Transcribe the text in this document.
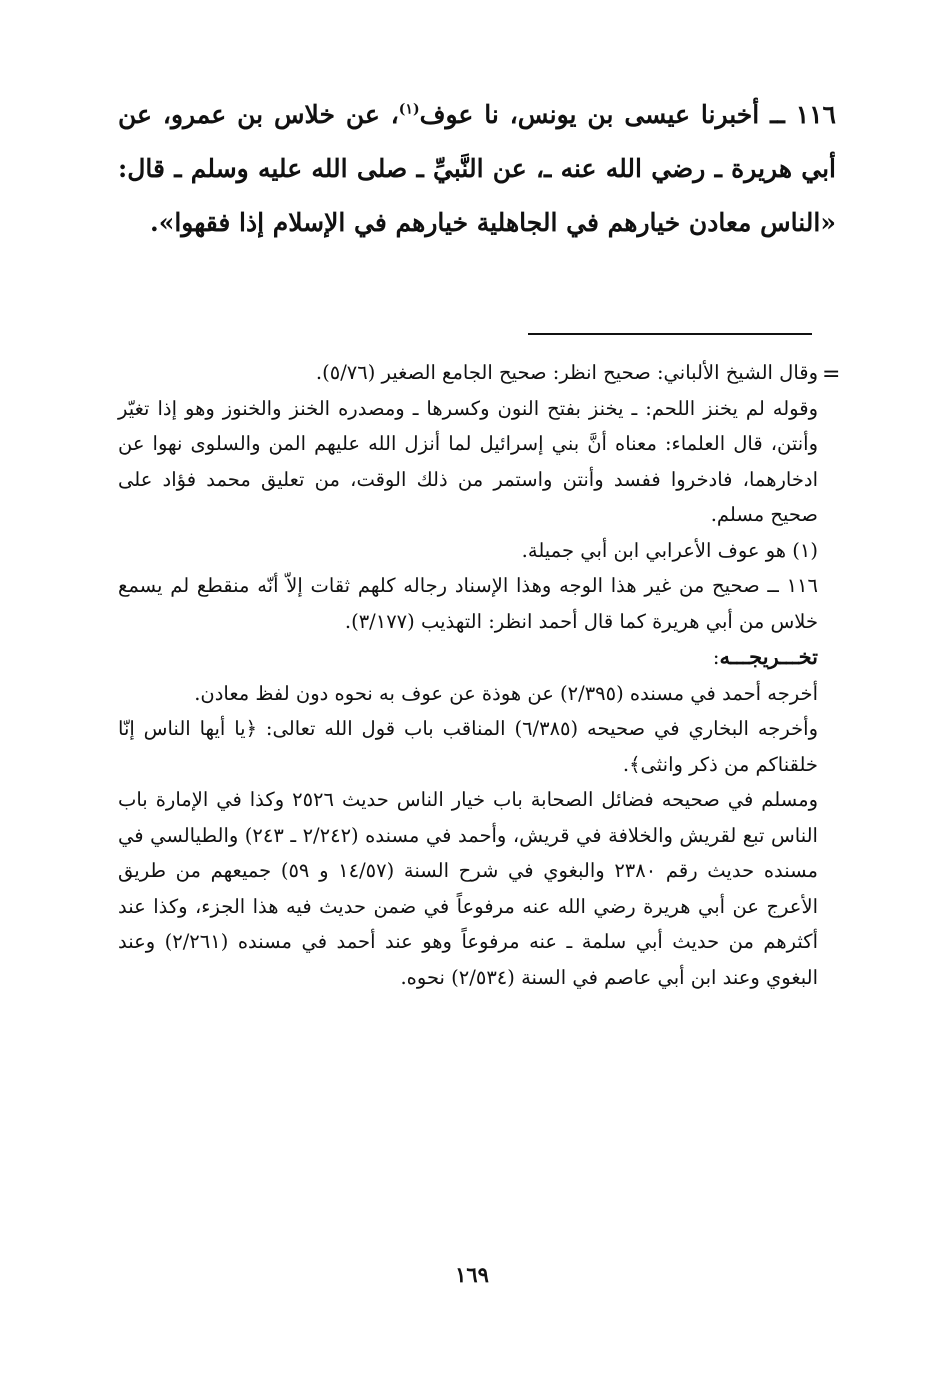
١١٦ ــ أخبرنا عيسى بن يونس، نا عوف$^{(١)}$، عن خلاس بن عمرو، عن أبي هريرة ـ رضي الله عنه ـ، عن النَّبيِّ ـ صلى الله عليه وسلم ـ قال: «الناس معادن خيارهم في الجاهلية خيارهم في الإسلام إذا فقهوا».

=

وقال الشيخ الألباني: صحيح انظر: صحيح الجامع الصغير (٥/٧٦).

وقوله لم يخنز اللحم: ـ يخنز بفتح النون وكسرها ـ ومصدره الخنز والخنوز وهو إذا تغيّر وأنتن، قال العلماء: معناه أنَّ بني إسرائيل لما أنزل الله عليهم المن والسلوى نهوا عن ادخارهما، فادخروا ففسد وأنتن واستمر من ذلك الوقت، من تعليق محمد فؤاد على صحيح مسلم.

(١) هو عوف الأعرابي ابن أبي جميلة.

١١٦ ــ صحيح من غير هذا الوجه وهذا الإسناد رجاله كلهم ثقات إلاّ أنّه منقطع لم يسمع خلاس من أبي هريرة كما قال أحمد انظر: التهذيب (٣/١٧٧).

تخـــريجـــه:

أخرجه أحمد في مسنده (٢/٣٩٥) عن هوذة عن عوف به نحوه دون لفظ معادن.

وأخرجه البخاري في صحيحه (٦/٣٨٥) المناقب باب قول الله تعالى: ﴿يا أيها الناس إنّا خلقناكم من ذكر وانثى﴾.

ومسلم في صحيحه فضائل الصحابة باب خيار الناس حديث ٢٥٢٦ وكذا في الإمارة باب الناس تبع لقريش والخلافة في قريش، وأحمد في مسنده (٢/٢٤٢ ـ ٢٤٣) والطيالسي في مسنده حديث رقم ٢٣٨٠ والبغوي في شرح السنة (١٤/٥٧ و ٥٩) جميعهم من طريق الأعرج عن أبي هريرة رضي الله عنه مرفوعاً في ضمن حديث فيه هذا الجزء، وكذا عند أكثرهم من حديث أبي سلمة ـ عنه مرفوعاً وهو عند أحمد في مسنده (٢/٢٦١) وعند البغوي وعند ابن أبي عاصم في السنة (٢/٥٣٤) نحوه.

١٦٩
